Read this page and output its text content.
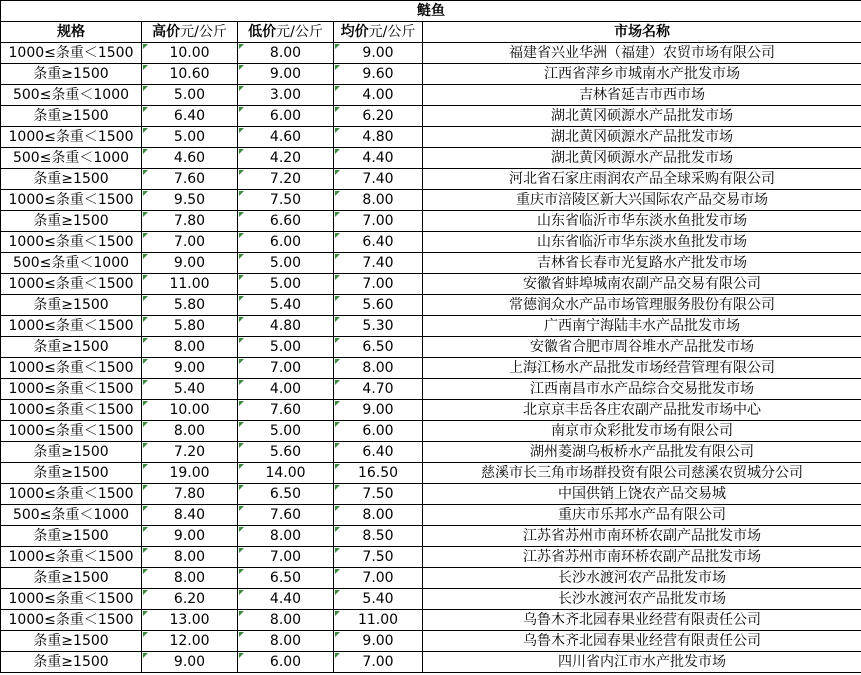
鲢鱼				
规格	高价元/公斤	低价元/公斤	均价元/公斤	市场名称
1000≤条重＜1500	10.00	8.00	9.00	福建省兴业华洲（福建）农贸市场有限公司
条重≥1500	10.60	9.00	9.60	江西省萍乡市城南水产批发市场
500≤条重＜1000	5.00	3.00	4.00	吉林省延吉市西市场
条重≥1500	6.40	6.00	6.20	湖北黄冈硕源水产品批发市场
1000≤条重＜1500	5.00	4.60	4.80	湖北黄冈硕源水产品批发市场
500≤条重＜1000	4.60	4.20	4.40	湖北黄冈硕源水产品批发市场
条重≥1500	7.60	7.20	7.40	河北省石家庄雨润农产品全球采购有限公司
1000≤条重＜1500	9.50	7.50	8.00	重庆市涪陵区新大兴国际农产品交易市场
条重≥1500	7.80	6.60	7.00	山东省临沂市华东淡水鱼批发市场
1000≤条重＜1500	7.00	6.00	6.40	山东省临沂市华东淡水鱼批发市场
500≤条重＜1000	9.00	5.00	7.40	吉林省长春市光复路水产批发市场
1000≤条重＜1500	11.00	5.00	7.00	安徽省蚌埠城南农副产品交易有限公司
条重≥1500	5.80	5.40	5.60	常德润众水产品市场管理服务股份有限公司
1000≤条重＜1500	5.80	4.80	5.30	广西南宁海陆丰水产品批发市场
条重≥1500	8.00	5.00	6.50	安徽省合肥市周谷堆水产品批发市场
1000≤条重＜1500	9.00	7.00	8.00	上海江杨水产品批发市场经营管理有限公司
1000≤条重＜1500	5.40	4.00	4.70	江西南昌市水产品综合交易批发市场
1000≤条重＜1500	10.00	7.60	9.00	北京京丰岳各庄农副产品批发市场中心
1000≤条重＜1500	8.00	5.00	6.00	南京市众彩批发市场有限公司
条重≥1500	7.20	5.60	6.40	湖州菱湖乌板桥水产品批发有限公司
条重≥1500	19.00	14.00	16.50	慈溪市长三角市场群投资有限公司慈溪农贸城分公司
1000≤条重＜1500	7.80	6.50	7.50	中国供销上饶农产品交易城
500≤条重＜1000	8.40	7.60	8.00	重庆市乐邦水产品有限公司
条重≥1500	9.00	8.00	8.50	江苏省苏州市南环桥农副产品批发市场
1000≤条重＜1500	8.00	7.00	7.50	江苏省苏州市南环桥农副产品批发市场
条重≥1500	8.00	6.50	7.00	长沙水渡河农产品批发市场
1000≤条重＜1500	6.20	4.40	5.40	长沙水渡河农产品批发市场
1000≤条重＜1500	13.00	8.00	11.00	乌鲁木齐北园春果业经营有限责任公司
条重≥1500	12.00	8.00	9.00	乌鲁木齐北园春果业经营有限责任公司
条重≥1500	9.00	6.00	7.00	四川省内江市水产批发市场
